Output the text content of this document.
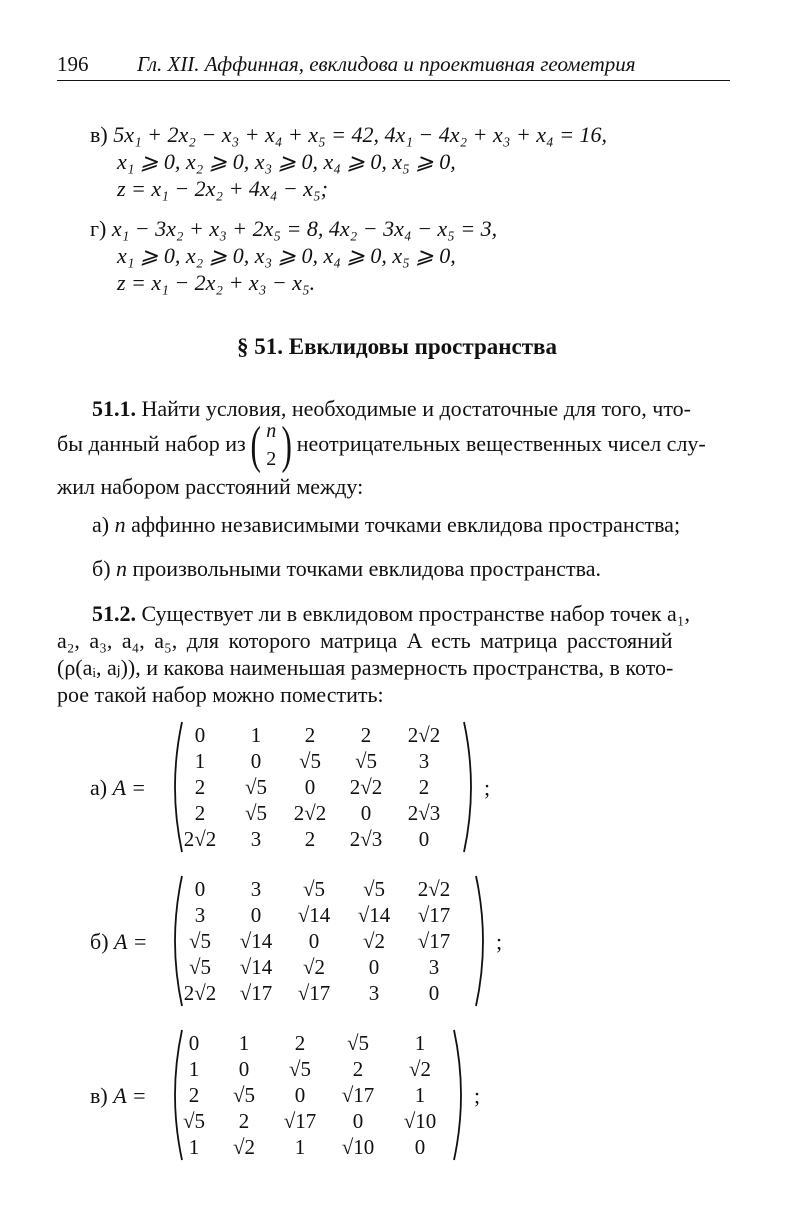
196 Гл. XII. Аффинная, евклидова и проективная геометрия
в) 5x₁ + 2x₂ − x₃ + x₄ + x₅ = 42, 4x₁ − 4x₂ + x₃ + x₄ = 16,
x₁ ⩾ 0, x₂ ⩾ 0, x₃ ⩾ 0, x₄ ⩾ 0, x₅ ⩾ 0,
z = x₁ − 2x₂ + 4x₄ − x₅;
г) x₁ − 3x₂ + x₃ + 2x₅ = 8, 4x₂ − 3x₄ − x₅ = 3,
x₁ ⩾ 0, x₂ ⩾ 0, x₃ ⩾ 0, x₄ ⩾ 0, x₅ ⩾ 0,
z = x₁ − 2x₂ + x₃ − x₅.
§ 51. Евклидовы пространства
51.1. Найти условия, необходимые и достаточные для того, что-
бы данный набор из ( n
2 ) неотрицательных вещественных чисел слу-
жил набором расстояний между:
а) n аффинно независимыми точками евклидова пространства;
б) n произвольными точками евклидова пространства.
51.2. Существует ли в евклидовом пространстве набор точек a₁,
a₂, a₃, a₄, a₅, для которого матрица A есть матрица расстояний
(ρ(aᵢ, aⱼ)), и какова наименьшая размерность пространства, в кото-
рое такой набор можно поместить:
а) A =
0	1	2	2	2√2
1	0	√5	√5	3
2	√5	0	2√2	2
2	√5	2√2	0	2√3
2√2	3	2	2√3	0
;
б) A =
0	3	√5	√5	2√2
3	0	√14	√14	√17
√5	√14	0	√2	√17
√5	√14	√2	0	3
2√2	√17	√17	3	0
;
в) A =
0	1	2	√5	1
1	0	√5	2	√2
2	√5	0	√17	1
√5	2	√17	0	√10
1	√2	1	√10	0
;
